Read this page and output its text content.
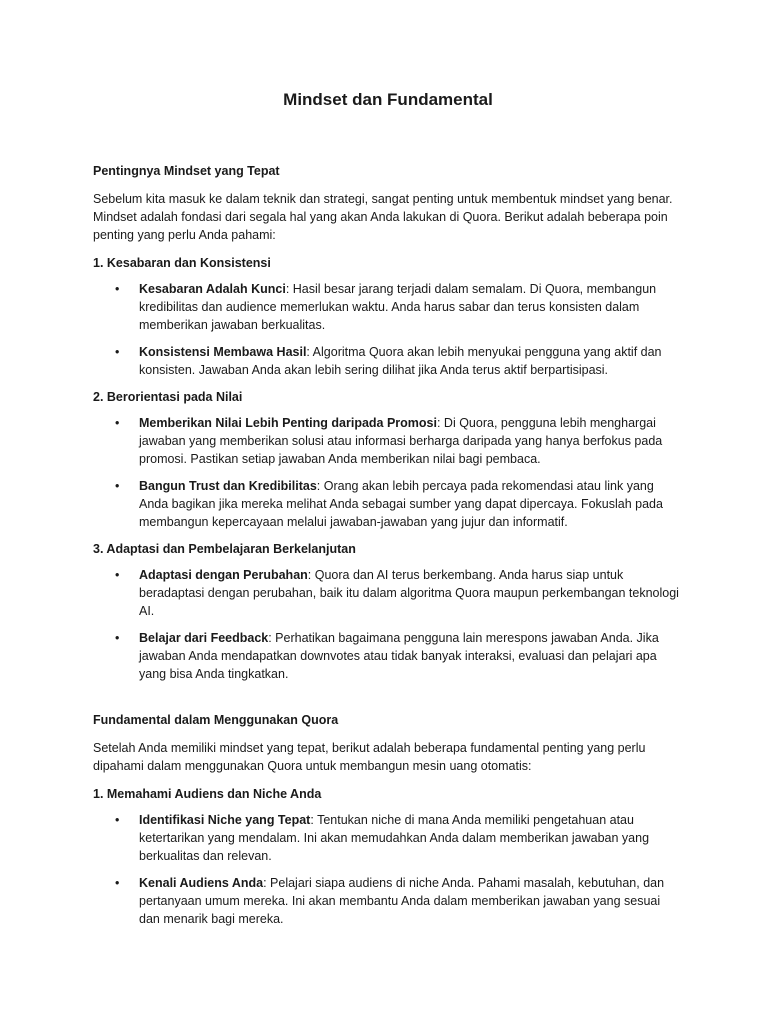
Mindset dan Fundamental
Pentingnya Mindset yang Tepat

Sebelum kita masuk ke dalam teknik dan strategi, sangat penting untuk membentuk mindset yang benar. Mindset adalah fondasi dari segala hal yang akan Anda lakukan di Quora. Berikut adalah beberapa poin penting yang perlu Anda pahami:

1. Kesabaran dan Konsistensi
• Kesabaran Adalah Kunci: Hasil besar jarang terjadi dalam semalam. Di Quora, membangun kredibilitas dan audience memerlukan waktu. Anda harus sabar dan terus konsisten dalam memberikan jawaban berkualitas.
• Konsistensi Membawa Hasil: Algoritma Quora akan lebih menyukai pengguna yang aktif dan konsisten. Jawaban Anda akan lebih sering dilihat jika Anda terus aktif berpartisipasi.
2. Berorientasi pada Nilai
• Memberikan Nilai Lebih Penting daripada Promosi: Di Quora, pengguna lebih menghargai jawaban yang memberikan solusi atau informasi berharga daripada yang hanya berfokus pada promosi. Pastikan setiap jawaban Anda memberikan nilai bagi pembaca.
• Bangun Trust dan Kredibilitas: Orang akan lebih percaya pada rekomendasi atau link yang Anda bagikan jika mereka melihat Anda sebagai sumber yang dapat dipercaya. Fokuslah pada membangun kepercayaan melalui jawaban-jawaban yang jujur dan informatif.
3. Adaptasi dan Pembelajaran Berkelanjutan
• Adaptasi dengan Perubahan: Quora dan AI terus berkembang. Anda harus siap untuk beradaptasi dengan perubahan, baik itu dalam algoritma Quora maupun perkembangan teknologi AI.
• Belajar dari Feedback: Perhatikan bagaimana pengguna lain merespons jawaban Anda. Jika jawaban Anda mendapatkan downvotes atau tidak banyak interaksi, evaluasi dan pelajari apa yang bisa Anda tingkatkan.
Fundamental dalam Menggunakan Quora

Setelah Anda memiliki mindset yang tepat, berikut adalah beberapa fundamental penting yang perlu dipahami dalam menggunakan Quora untuk membangun mesin uang otomatis:

1. Memahami Audiens dan Niche Anda
• Identifikasi Niche yang Tepat: Tentukan niche di mana Anda memiliki pengetahuan atau ketertarikan yang mendalam. Ini akan memudahkan Anda dalam memberikan jawaban yang berkualitas dan relevan.
• Kenali Audiens Anda: Pelajari siapa audiens di niche Anda. Pahami masalah, kebutuhan, dan pertanyaan umum mereka. Ini akan membantu Anda dalam memberikan jawaban yang sesuai dan menarik bagi mereka.
